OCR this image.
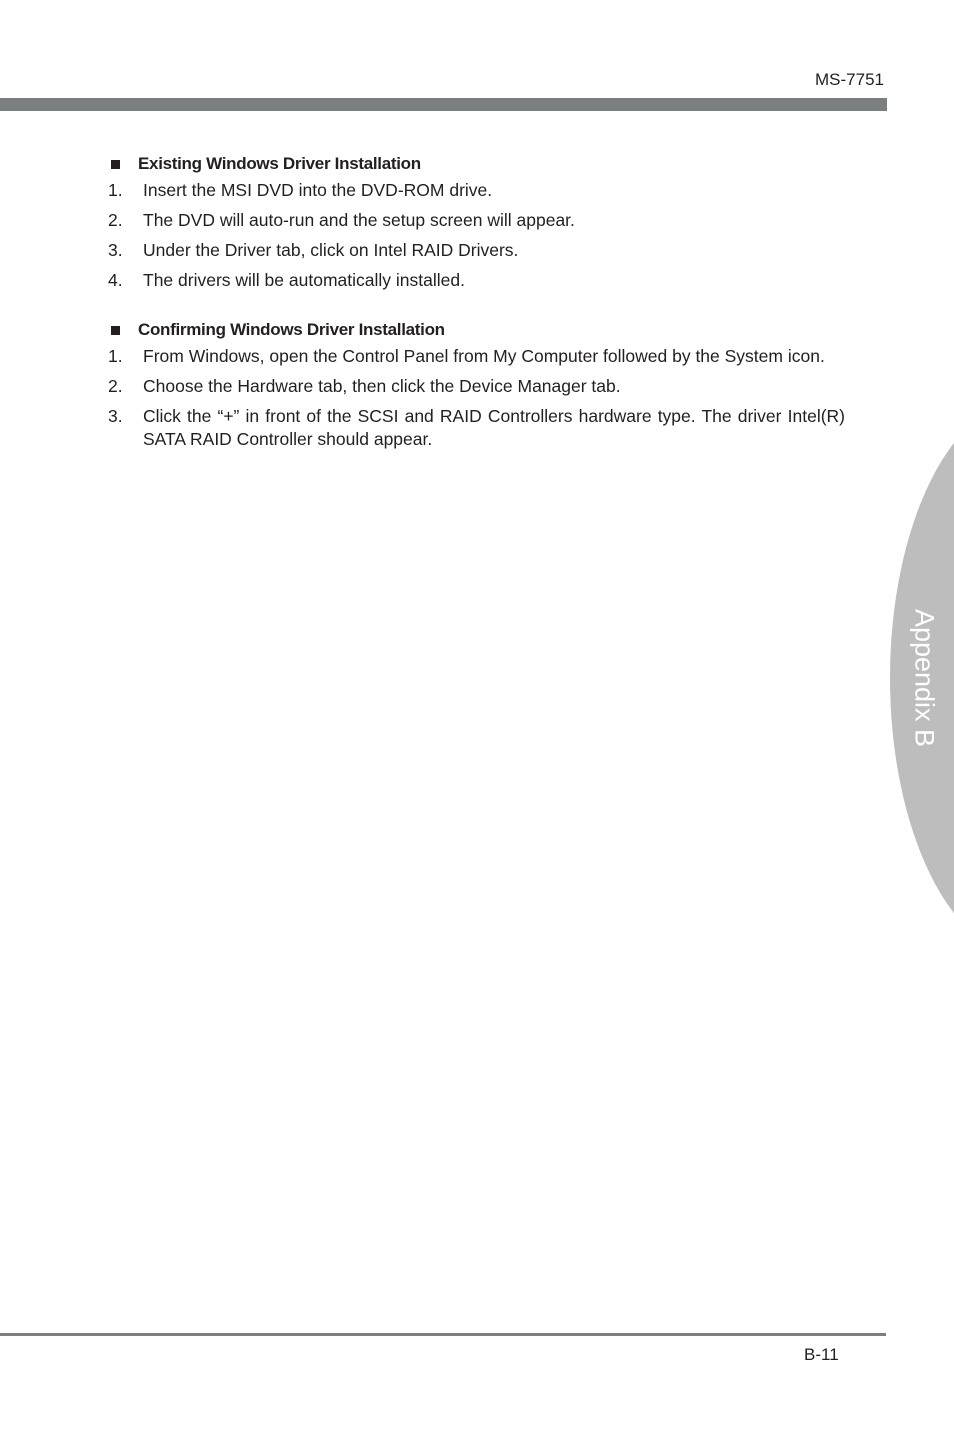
MS-7751
Existing Windows Driver Installation
1.	Insert the MSI DVD into the DVD-ROM drive.
2.	The DVD will auto-run and the setup screen will appear.
3.	Under the Driver tab, click on Intel RAID Drivers.
4.	The drivers will be automatically installed.
Confirming Windows Driver Installation
1.	From Windows, open the Control Panel from My Computer followed by the System icon.
2.	Choose the Hardware tab, then click the Device Manager tab.
3.	Click the “+” in front of the SCSI and RAID Controllers hardware type. The driver Intel(R) SATA RAID Controller should appear.
Appendix B
B-11
